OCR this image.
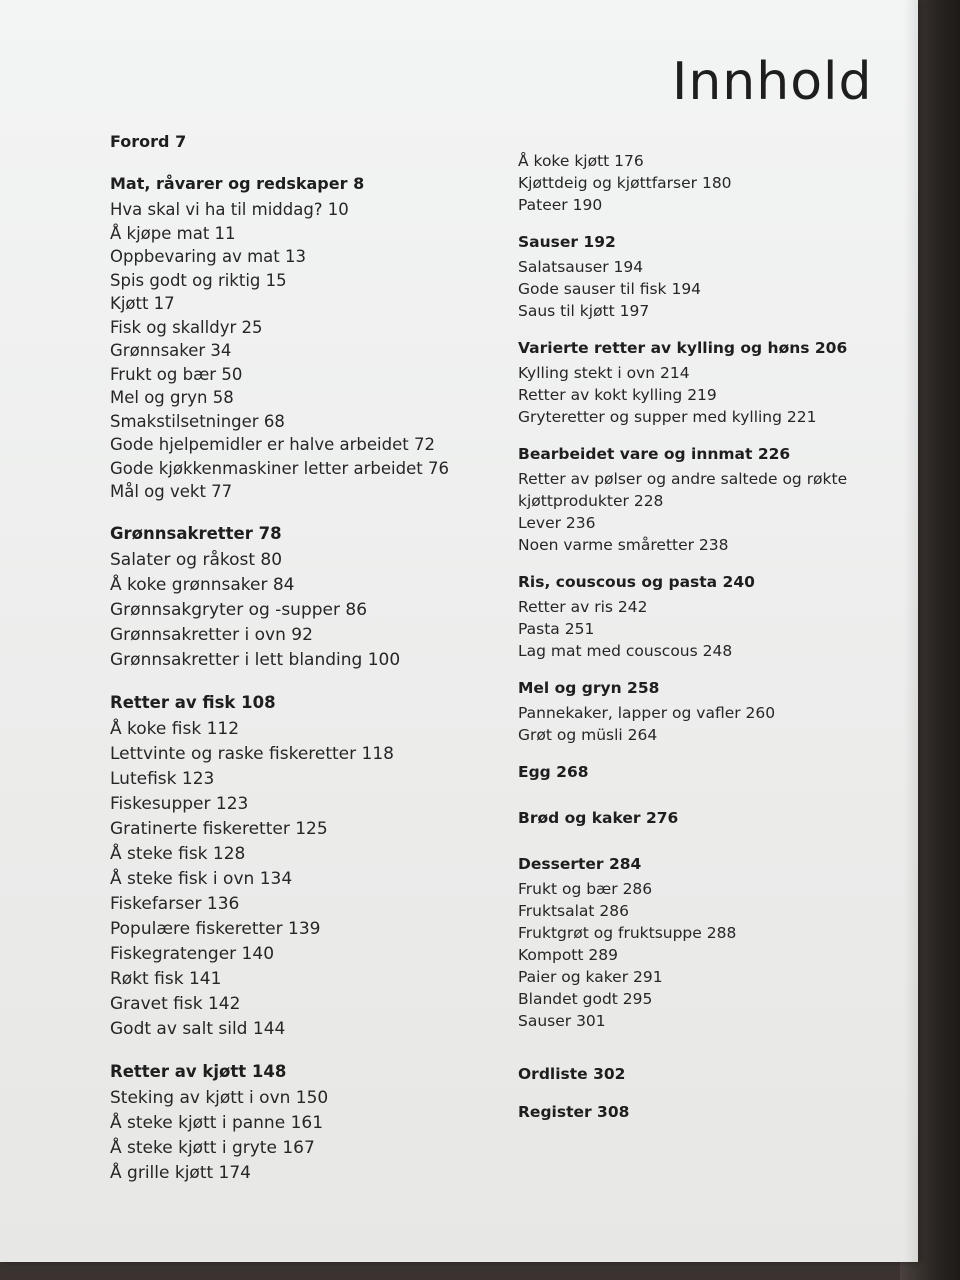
Innhold
Forord 7
Mat, råvarer og redskaper 8
Hva skal vi ha til middag? 10
Å kjøpe mat 11
Oppbevaring av mat 13
Spis godt og riktig 15
Kjøtt 17
Fisk og skalldyr 25
Grønnsaker 34
Frukt og bær 50
Mel og gryn 58
Smakstilsetninger 68
Gode hjelpemidler er halve arbeidet 72
Gode kjøkkenmaskiner letter arbeidet 76
Mål og vekt 77
Grønnsakretter 78
Salater og råkost 80
Å koke grønnsaker 84
Grønnsakgryter og -supper 86
Grønnsakretter i ovn 92
Grønnsakretter i lett blanding 100
Retter av fisk 108
Å koke fisk 112
Lettvinte og raske fiskeretter 118
Lutefisk 123
Fiskesupper 123
Gratinerte fiskeretter 125
Å steke fisk 128
Å steke fisk i ovn 134
Fiskefarser 136
Populære fiskeretter 139
Fiskegratenger 140
Røkt fisk 141
Gravet fisk 142
Godt av salt sild 144
Retter av kjøtt 148
Steking av kjøtt i ovn 150
Å steke kjøtt i panne 161
Å steke kjøtt i gryte 167
Å grille kjøtt 174
Å koke kjøtt 176
Kjøttdeig og kjøttfarser 180
Pateer 190
Sauser 192
Salatsauser 194
Gode sauser til fisk 194
Saus til kjøtt 197
Varierte retter av kylling og høns 206
Kylling stekt i ovn 214
Retter av kokt kylling 219
Gryteretter og supper med kylling 221
Bearbeidet vare og innmat 226
Retter av pølser og andre saltede og røkte kjøttprodukter 228
Lever 236
Noen varme småretter 238
Ris, couscous og pasta 240
Retter av ris 242
Pasta 251
Lag mat med couscous 248
Mel og gryn 258
Pannekaker, lapper og vafler 260
Grøt og müsli 264
Egg 268
Brød og kaker 276
Desserter 284
Frukt og bær 286
Fruktsalat 286
Fruktgrøt og fruktsuppe 288
Kompott 289
Paier og kaker 291
Blandet godt 295
Sauser 301
Ordliste 302
Register 308
